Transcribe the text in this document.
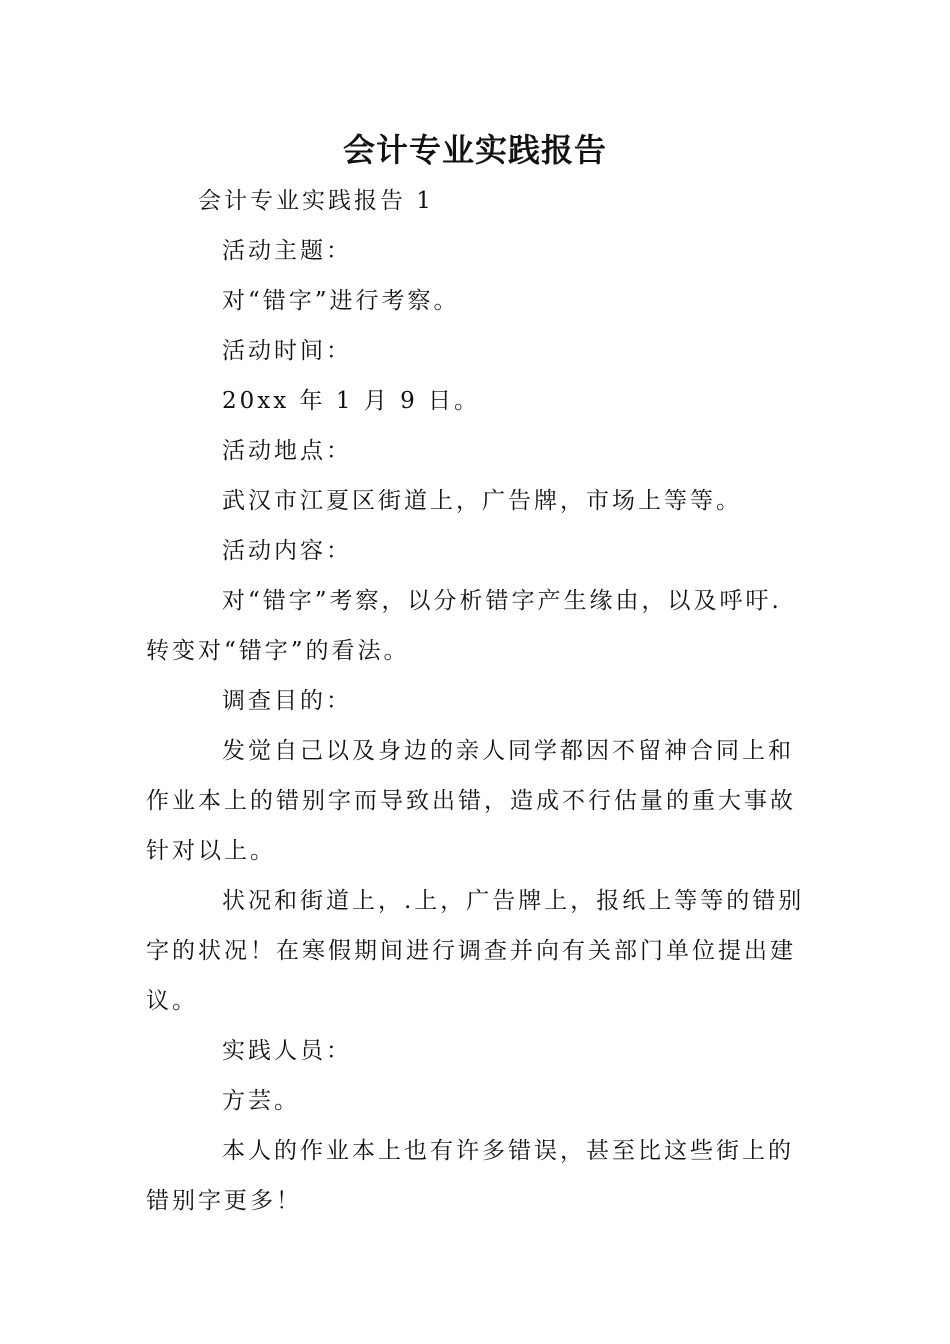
会计专业实践报告
会计专业实践报告 1
活动主题：
对“错字”进行考察。
活动时间：
20xx 年 1 月 9 日。
活动地点：
武汉市江夏区街道上，广告牌，市场上等等。
活动内容：
对“错字”考察，以分析错字产生缘由，以及呼吁.
转变对“错字”的看法。
调查目的：
发觉自己以及身边的亲人同学都因不留神合同上和
作业本上的错别字而导致出错，造成不行估量的重大事故
针对以上。
状况和街道上，.上，广告牌上，报纸上等等的错别
字的状况！在寒假期间进行调查并向有关部门单位提出建
议。
实践人员：
方芸。
本人的作业本上也有许多错误，甚至比这些街上的
错别字更多！
